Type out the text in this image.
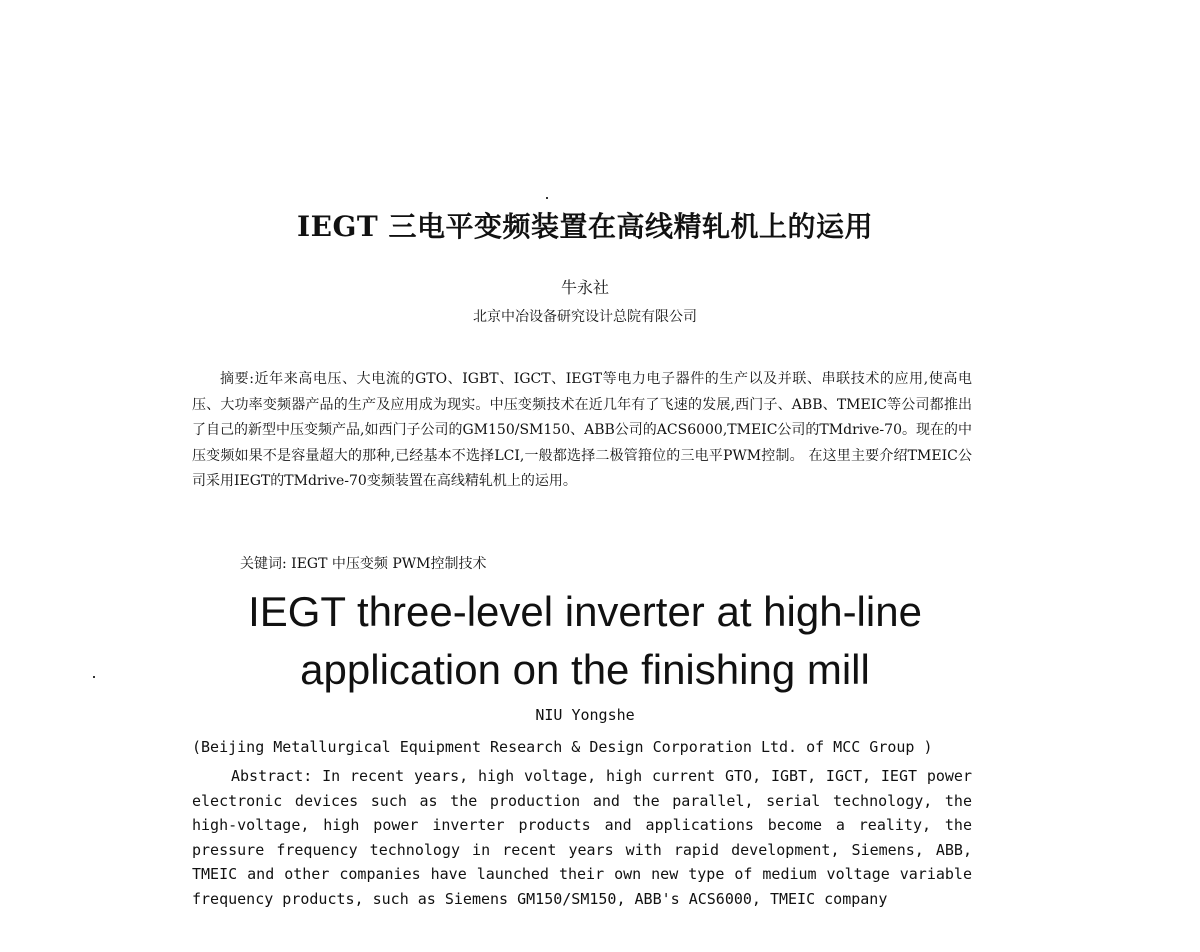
IEGT 三电平变频装置在高线精轧机上的运用
牛永社
北京中冶设备研究设计总院有限公司

摘要:近年来高电压、大电流的GTO、IGBT、IGCT、IEGT等电力电子器件的生产以及并联、串联技术的应用,使高电压、大功率变频器产品的生产及应用成为现实。中压变频技术在近几年有了飞速的发展,西门子、ABB、TMEIC等公司都推出了自己的新型中压变频产品,如西门子公司的GM150/SM150、ABB公司的ACS6000,TMEIC公司的TMdrive-70。现在的中压变频如果不是容量超大的那种,已经基本不选择LCI,一般都选择二极管箝位的三电平PWM控制。 在这里主要介绍TMEIC公司采用IEGT的TMdrive-70变频装置在高线精轧机上的运用。

关键词: IEGT 中压变频 PWM控制技术
IEGT three-level inverter at high-line
application on the finishing mill
NIU Yongshe
(Beijing Metallurgical Equipment Research & Design Corporation Ltd. of MCC Group )

Abstract: In recent years, high voltage, high current GTO, IGBT, IGCT, IEGT power electronic devices such as the production and the parallel, serial technology, the high-voltage, high power inverter products and applications become a reality, the pressure frequency technology in recent years with rapid development, Siemens, ABB, TMEIC and other companies have launched their own new type of medium voltage variable frequency products, such as Siemens GM150/SM150, ABB's ACS6000, TMEIC company
